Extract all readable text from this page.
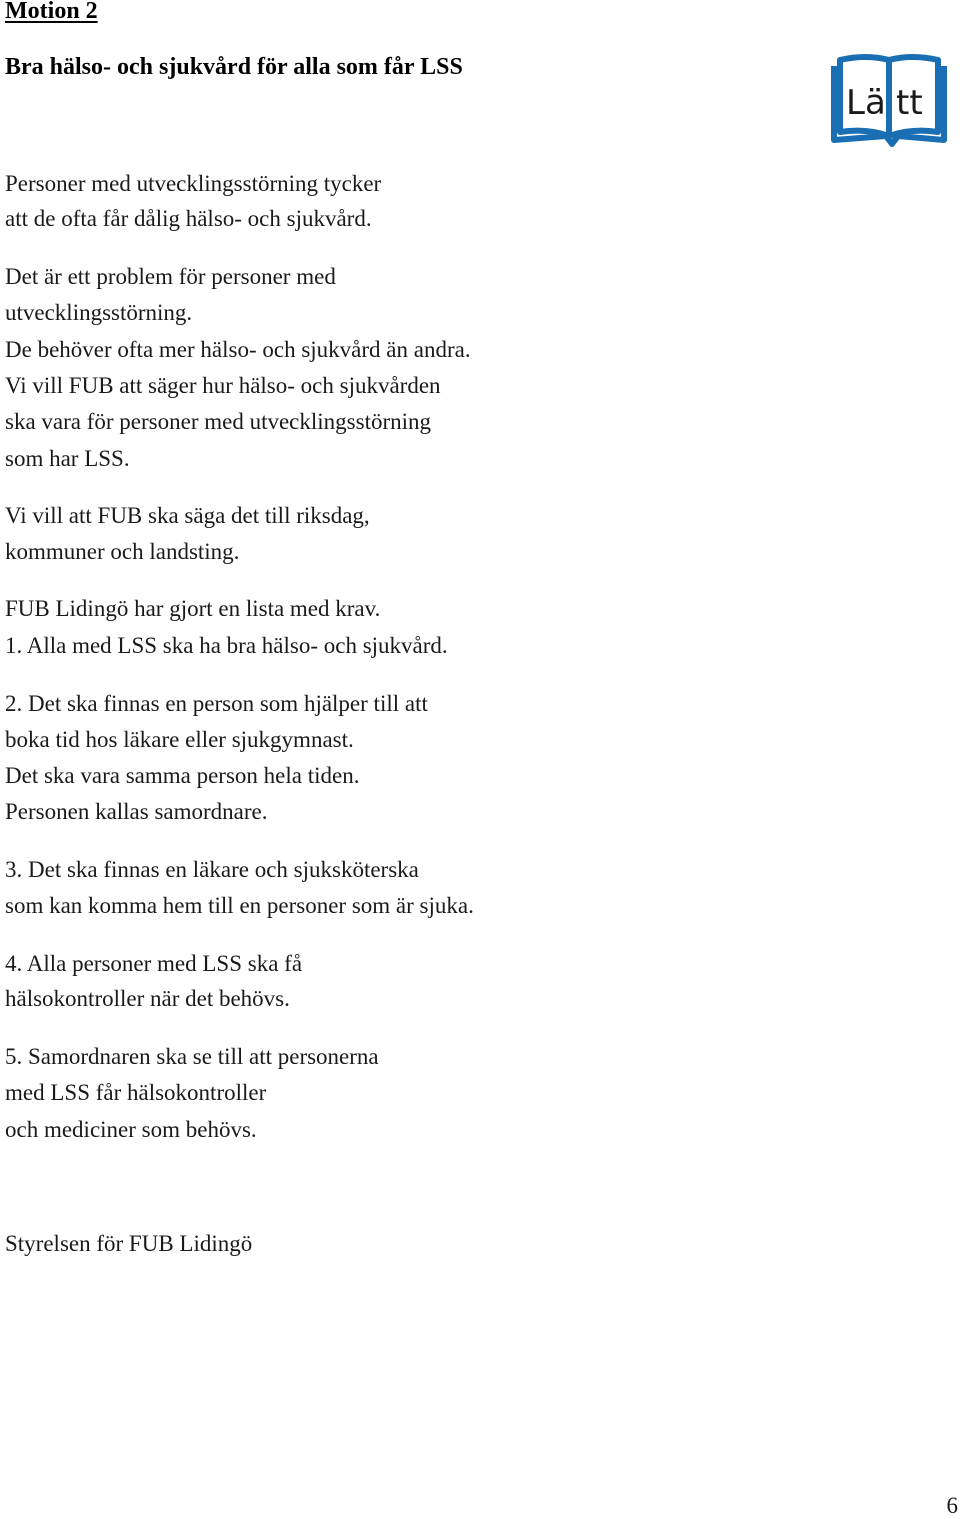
Motion 2
Bra hälso- och sjukvård för alla som får LSS
Lä tt
Personer med utvecklingsstörning tycker
att de ofta får dålig hälso- och sjukvård.
Det är ett problem för personer med
utvecklingsstörning.
De behöver ofta mer hälso- och sjukvård än andra.
Vi vill FUB att säger hur hälso- och sjukvården
ska vara för personer med utvecklingsstörning
som har LSS.
Vi vill att FUB ska säga det till riksdag,
kommuner och landsting.
FUB Lidingö har gjort en lista med krav.
1. Alla med LSS ska ha bra hälso- och sjukvård.
2. Det ska finnas en person som hjälper till att
boka tid hos läkare eller sjukgymnast.
Det ska vara samma person hela tiden.
Personen kallas samordnare.
3. Det ska finnas en läkare och sjuksköterska
som kan komma hem till en personer som är sjuka.
4. Alla personer med LSS ska få
hälsokontroller när det behövs.
5. Samordnaren ska se till att personerna
med LSS får hälsokontroller
och mediciner som behövs.
Styrelsen för FUB Lidingö
6
